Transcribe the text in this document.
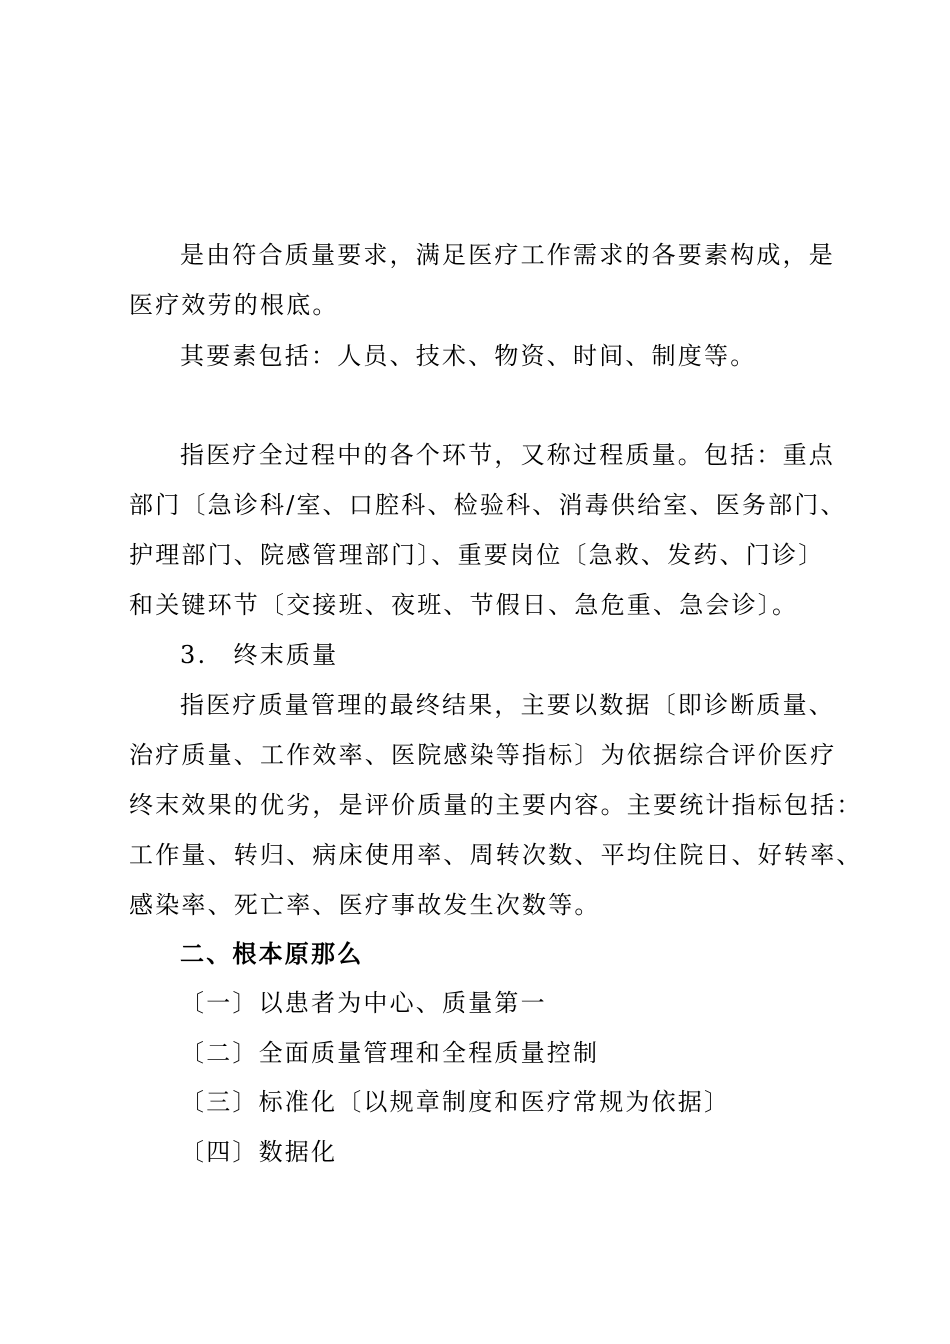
是由符合质量要求，满足医疗工作需求的各要素构成，是
医疗效劳的根底。
其要素包括：人员、技术、物资、时间、制度等。
指医疗全过程中的各个环节，又称过程质量。包括：重点
部门〔急诊科/室、口腔科、检验科、消毒供给室、医务部门、
护理部门、院感管理部门〕、重要岗位〔急救、发药、门诊〕
和关键环节〔交接班、夜班、节假日、急危重、急会诊〕。
3.　终末质量
指医疗质量管理的最终结果，主要以数据〔即诊断质量、
治疗质量、工作效率、医院感染等指标〕为依据综合评价医疗
终末效果的优劣，是评价质量的主要内容。主要统计指标包括：
工作量、转归、病床使用率、周转次数、平均住院日、好转率、
感染率、死亡率、医疗事故发生次数等。
二、根本原那么
〔一〕以患者为中心、质量第一
〔二〕全面质量管理和全程质量控制
〔三〕标准化〔以规章制度和医疗常规为依据〕
〔四〕数据化
